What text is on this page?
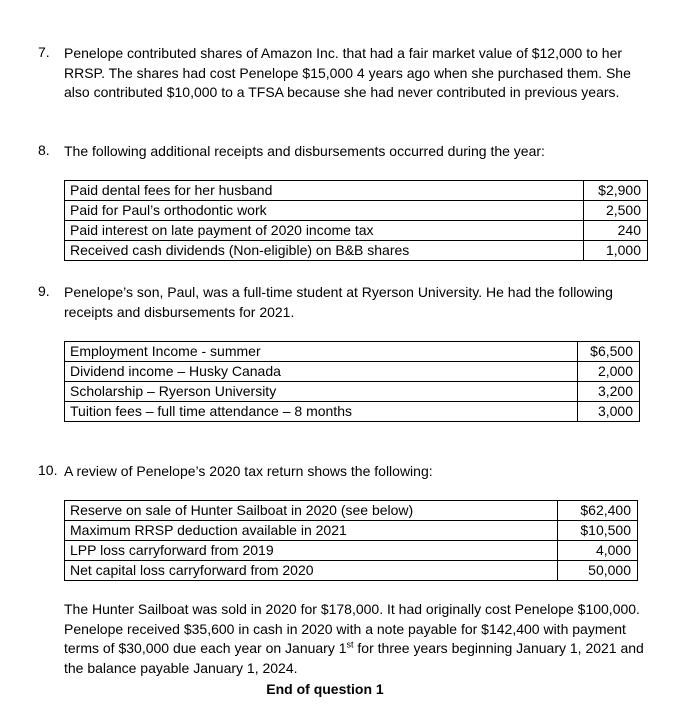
7. Penelope contributed shares of Amazon Inc. that had a fair market value of $12,000 to her RRSP. The shares had cost Penelope $15,000 4 years ago when she purchased them. She also contributed $10,000 to a TFSA because she had never contributed in previous years.
8. The following additional receipts and disbursements occurred during the year:
Paid dental fees for her husband	$2,900
Paid for Paul’s orthodontic work	2,500
Paid interest on late payment of 2020 income tax	240
Received cash dividends (Non-eligible) on B&B shares	1,000
9. Penelope’s son, Paul, was a full-time student at Ryerson University. He had the following receipts and disbursements for 2021.
Employment Income - summer	$6,500
Dividend income – Husky Canada	2,000
Scholarship – Ryerson University	3,200
Tuition fees – full time attendance – 8 months	3,000
10. A review of Penelope’s 2020 tax return shows the following:
Reserve on sale of Hunter Sailboat in 2020 (see below)	$62,400
Maximum RRSP deduction available in 2021	$10,500
LPP loss carryforward from 2019	4,000
Net capital loss carryforward from 2020	50,000
The Hunter Sailboat was sold in 2020 for $178,000. It had originally cost Penelope $100,000. Penelope received $35,600 in cash in 2020 with a note payable for $142,400 with payment terms of $30,000 due each year on January 1st for three years beginning January 1, 2021 and the balance payable January 1, 2024.
End of question 1
